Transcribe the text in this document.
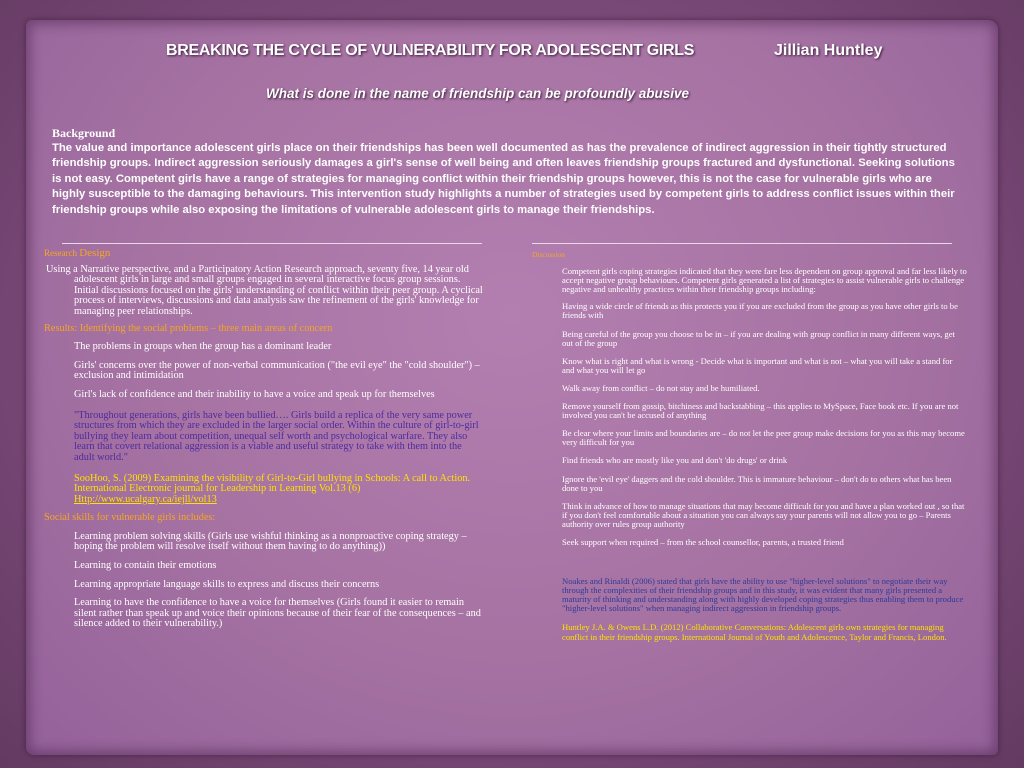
BREAKING THE CYCLE OF VULNERABILITY FOR ADOLESCENT GIRLS	Jillian Huntley
What is done in the name of friendship can be profoundly abusive
Background
The value and importance adolescent girls place on their friendships has been well documented as has the prevalence of indirect aggression in their tightly structured friendship groups. Indirect aggression seriously damages a girl's sense of well being and often leaves friendship groups fractured and dysfunctional. Seeking solutions is not easy. Competent girls have a range of strategies for managing conflict within their friendship groups however, this is not the case for vulnerable girls who are highly susceptible to the damaging behaviours. This intervention study highlights a number of strategies used by competent girls to address conflict issues within their friendship groups while also exposing the limitations of vulnerable adolescent girls to manage their friendships.

Research Design

Using a Narrative perspective, and a Participatory Action Research approach, seventy five, 14 year old adolescent girls in large and small groups engaged in several interactive focus group sessions. Initial discussions focused on the girls' understanding of conflict within their peer group. A cyclical process of interviews, discussions and data analysis saw the refinement of the girls' knowledge for managing peer relationships.

Results: Identifying the social problems – three main areas of concern

The problems in groups when the group has a dominant leader

Girls' concerns over the power of non-verbal communication ("the evil eye" the "cold shoulder") – exclusion and intimidation

Girl's lack of confidence and their inability to have a voice and speak up for themselves

"Throughout generations, girls have been bullied…. Girls build a replica of the very same power structures from which they are excluded in the larger social order. Within the culture of girl-to-girl bullying they learn about competition, unequal self worth and psychological warfare. They also learn that covert relational aggression is a viable and useful strategy to take with them into the adult world."

SooHoo, S. (2009) Examining the visibility of Girl-to-Girl bullying in Schools: A call to Action. International Electronic journal for Leadership in Learning Vol.13 (6) Http://www.ucalgary.ca/iejll/vol13

Social skills for vulnerable girls includes:

Learning problem solving skills (Girls use wishful thinking as a nonproactive coping strategy – hoping the problem will resolve itself without them having to do anything))

Learning to contain their emotions

Learning appropriate language skills to express and discuss their concerns

Learning to have the confidence to have a voice for themselves (Girls found it easier to remain silent rather than speak up and voice their opinions because of their fear of the consequences – and silence added to their vulnerability.)

Discussion

Competent girls coping strategies indicated that they were fare less dependent on group approval and far less likely to accept negative group behaviours. Competent girls generated a list of strategies to assist vulnerable girls to challenge negative and unhealthy practices within their friendship groups including:

Having a wide circle of friends as this protects you if you are excluded from the group as you have other girls to be friends with

Being careful of the group you choose to be in – if you are dealing with group conflict in many different ways, get out of the group

Know what is right and what is wrong - Decide what is important and what is not – what you will take a stand for and what you will let go

Walk away from conflict – do not stay and be humiliated.

Remove yourself from gossip, bitchiness and backstabbing – this applies to MySpace, Face book etc. If you are not involved you can't be accused of anything

Be clear where your limits and boundaries are – do not let the peer group make decisions for you as this may become very difficult for you

Find friends who are mostly like you and don't 'do drugs' or drink

Ignore the 'evil eye' daggers and the cold shoulder. This is immature behaviour – don't do to others what has been done to you

Think in advance of how to manage situations that may become difficult for you and have a plan worked out , so that if you don't feel comfortable about a situation you can always say your parents will not allow you to go – Parents authority over rules group authority

Seek support when required – from the school counsellor, parents, a trusted friend

Noakes and Rinaldi (2006) stated that girls have the ability to use "higher-level solutions" to negotiate their way through the complexities of their friendship groups and in this study, it was evident that many girls presented a maturity of thinking and understanding along with highly developed coping strategies thus enabling them to produce "higher-level solutions" when managing indirect aggression in friendship groups.

Huntley J.A. & Owens L.D. (2012) Collaborative Conversations: Adolescent girls own strategies for managing conflict in their friendship groups. International Journal of Youth and Adolescence, Taylor and Francis, London.
